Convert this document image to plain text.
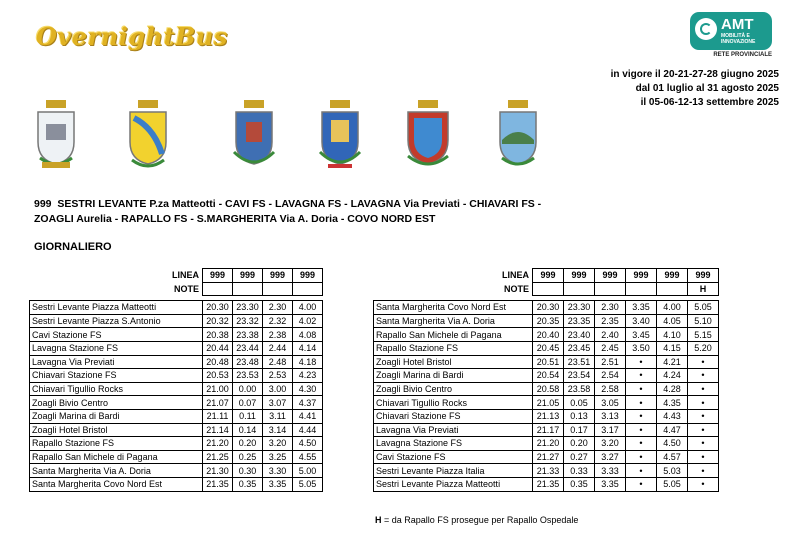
OvernightBus	AMT
MOBILITÀ E INNOVAZIONE
RETE PROVINCIALE
in vigore il 20-21-27-28 giugno 2025
dal 01 luglio al 31 agosto 2025
il 05-06-12-13 settembre 2025
999  SESTRI LEVANTE P.za Matteotti - CAVI FS - LAVAGNA FS - LAVAGNA Via Previati - CHIAVARI FS -
ZOAGLI Aurelia - RAPALLO FS - S.MARGHERITA Via A. Doria - COVO NORD EST
GIORNALIERO
LINEA	999	999	999	999
NOTE				

Sestri Levante Piazza Matteotti	20.30	23.30	2.30	4.00
Sestri Levante Piazza S.Antonio	20.32	23.32	2.32	4.02
Cavi Stazione FS	20.38	23.38	2.38	4.08
Lavagna Stazione FS	20.44	23.44	2.44	4.14
Lavagna Via Previati	20.48	23.48	2.48	4.18
Chiavari Stazione FS	20.53	23.53	2.53	4.23
Chiavari Tigullio Rocks	21.00	0.00	3.00	4.30
Zoagli Bivio Centro	21.07	0.07	3.07	4.37
Zoagli Marina di Bardi	21.11	0.11	3.11	4.41
Zoagli Hotel Bristol	21.14	0.14	3.14	4.44
Rapallo Stazione FS	21.20	0.20	3.20	4.50
Rapallo San Michele di Pagana	21.25	0.25	3.25	4.55
Santa Margherita Via A. Doria	21.30	0.30	3.30	5.00
Santa Margherita Covo Nord Est	21.35	0.35	3.35	5.05
LINEA	999	999	999	999	999	999
NOTE						H

Santa Margherita Covo Nord Est	20.30	23.30	2.30	3.35	4.00	5.05
Santa Margherita Via A. Doria	20.35	23.35	2.35	3.40	4.05	5.10
Rapallo San Michele di Pagana	20.40	23.40	2.40	3.45	4.10	5.15
Rapallo Stazione FS	20.45	23.45	2.45	3.50	4.15	5.20
Zoagli Hotel Bristol	20.51	23.51	2.51	•	4.21	•
Zoagli Marina di Bardi	20.54	23.54	2.54	•	4.24	•
Zoagli Bivio Centro	20.58	23.58	2.58	•	4.28	•
Chiavari Tigullio Rocks	21.05	0.05	3.05	•	4.35	•
Chiavari Stazione FS	21.13	0.13	3.13	•	4.43	•
Lavagna Via Previati	21.17	0.17	3.17	•	4.47	•
Lavagna Stazione FS	21.20	0.20	3.20	•	4.50	•
Cavi Stazione FS	21.27	0.27	3.27	•	4.57	•
Sestri Levante Piazza Italia	21.33	0.33	3.33	•	5.03	•
Sestri Levante Piazza Matteotti	21.35	0.35	3.35	•	5.05	•
H = da Rapallo FS prosegue per Rapallo Ospedale
